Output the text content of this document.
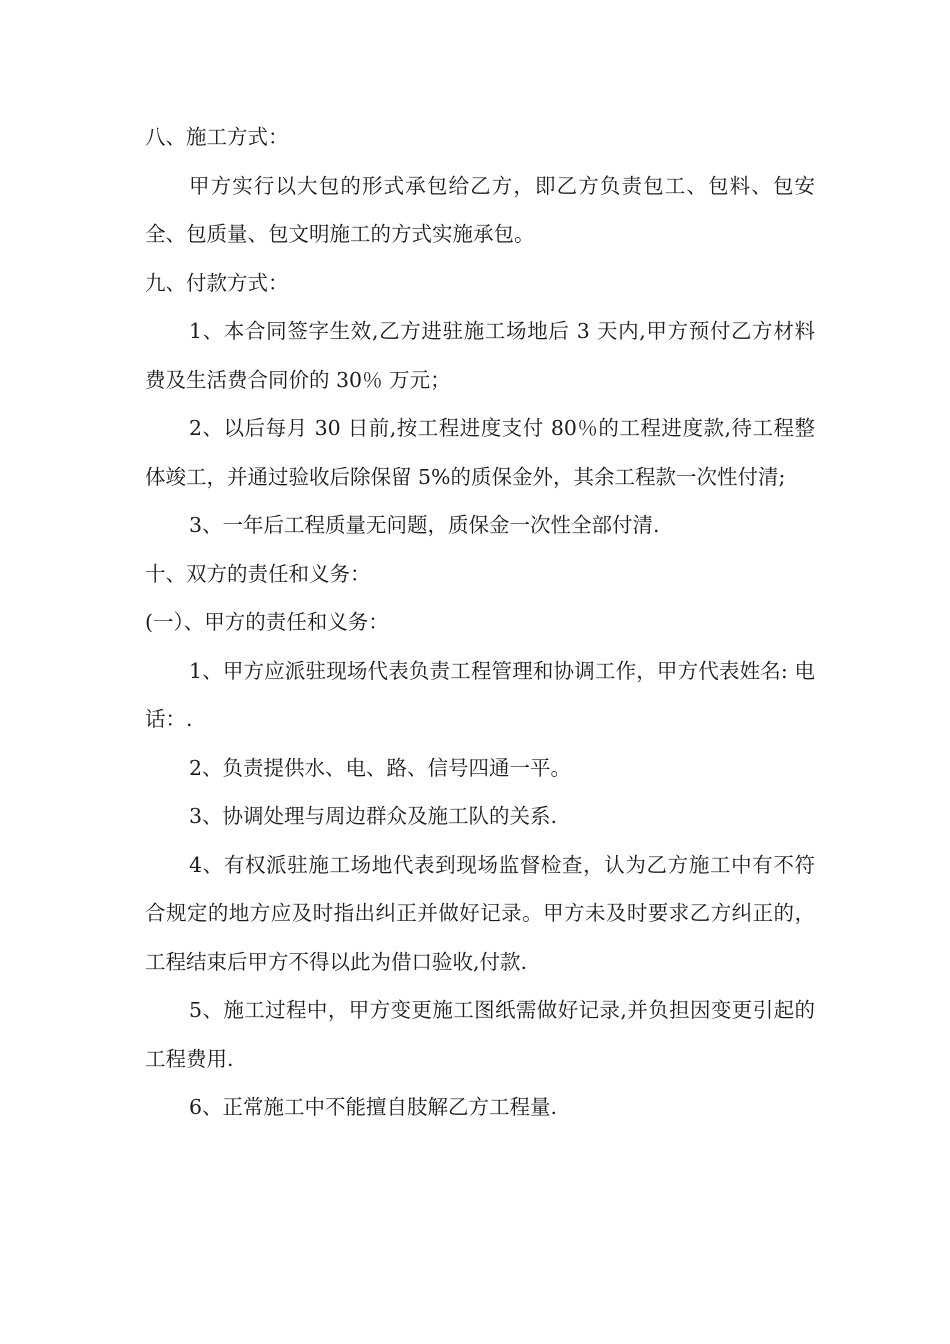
八、施工方式：

甲方实行以大包的形式承包给乙方，即乙方负责包工、包料、包安全、包质量、包文明施工的方式实施承包。

九、付款方式：

1、本合同签字生效,乙方进驻施工场地后 3 天内,甲方预付乙方材料费及生活费合同价的 30％ 万元；

2、以后每月 30 日前,按工程进度支付 80％的工程进度款,待工程整体竣工，并通过验收后除保留 5%的质保金外，其余工程款一次性付清;

3、一年后工程质量无问题，质保金一次性全部付清.

十、双方的责任和义务：

(一）、甲方的责任和义务：

1、甲方应派驻现场代表负责工程管理和协调工作，甲方代表姓名: 电话：.

2、负责提供水、电、路、信号四通一平。

3、协调处理与周边群众及施工队的关系.

4、有权派驻施工场地代表到现场监督检查，认为乙方施工中有不符合规定的地方应及时指出纠正并做好记录。甲方未及时要求乙方纠正的，工程结束后甲方不得以此为借口验收,付款.

5、施工过程中，甲方变更施工图纸需做好记录,并负担因变更引起的工程费用.

6、正常施工中不能擅自肢解乙方工程量.
